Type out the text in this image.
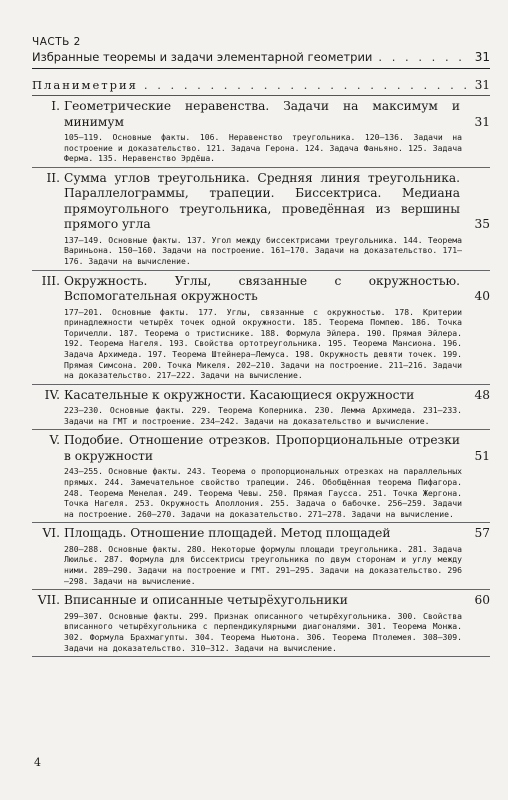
ЧАСТЬ 2
Избранные теоремы и задачи элементарной геометрии . . .	31
Планиметрия . . .	31
I. Геометрические неравенства. Задачи на максимум и минимум	31
105—119. Основные факты. 106. Неравенство треугольника. 120—136. Задачи на построение и доказательство. 121. Задача Герона. 124. Задача Фаньяно. 125. Задача Ферма. 135. Неравенство Эрдёша.
II. Сумма углов треугольника. Средняя линия треугольника. Параллелограммы, трапеции. Биссектриса. Медиана прямоугольного треугольника, проведённая из вершины прямого угла	35
137—149. Основные факты. 137. Угол между биссектрисами треугольника. 144. Теорема Вариньона. 150—160. Задачи на построение. 161—170. Задачи на доказательство. 171—176. Задачи на вычисление.
III. Окружность. Углы, связанные с окружностью. Вспомогательная окружность	40
177—201. Основные факты. 177. Углы, связанные с окружностью. 178. Критерии принадлежности четырёх точек одной окружности. 185. Теорема Помпею. 186. Точка Торичелли. 187. Теорема о тристиснике. 188. Формула Эйлера. 190. Прямая Эйлера. 192. Теорема Нагеля. 193. Свойства ортотреугольника. 195. Теорема Мансиона. 196. Задача Архимеда. 197. Теорема Штейнера—Лемуса. 198. Окружность девяти точек. 199. Прямая Симсона. 200. Точка Микеля. 202—210. Задачи на построение. 211—216. Задачи на доказательство. 217—222. Задачи на вычисление.
IV. Касательные к окружности. Касающиеся окружности	48
223—230. Основные факты. 229. Теорема Коперника. 230. Лемма Архимеда. 231—233. Задачи на ГМТ и построение. 234—242. Задачи на доказательство и вычисление.
V. Подобие. Отношение отрезков. Пропорциональные отрезки в окружности	51
243—255. Основные факты. 243. Теорема о пропорциональных отрезках на параллельных прямых. 244. Замечательное свойство трапеции. 246. Обобщённая теорема Пифагора. 248. Теорема Менелая. 249. Теорема Чевы. 250. Прямая Гаусса. 251. Точка Жергона. Точка Нагеля. 253. Окружность Аполлония. 255. Задача о бабочке. 256—259. Задачи на построение. 260—270. Задачи на доказательство. 271—278. Задачи на вычисление.
VI. Площадь. Отношение площадей. Метод площадей	57
280—288. Основные факты. 280. Некоторые формулы площади треугольника. 281. Задача Люильє. 287. Формула для биссектрисы треугольника по двум сторонам и углу между ними. 289—290. Задачи на построение и ГМТ. 291—295. Задачи на доказательство. 296—298. Задачи на вычисление.
VII. Вписанные и описанные четырёхугольники	60
299—307. Основные факты. 299. Признак описанного четырёхугольника. 300. Свойства вписанного четырёхугольника с перпендикулярными диагоналями. 301. Теорема Монжа. 302. Формула Брахмагупты. 304. Теорема Ньютона. 306. Теорема Птолемея. 308—309. Задачи на доказательство. 310—312. Задачи на вычисление.
4
